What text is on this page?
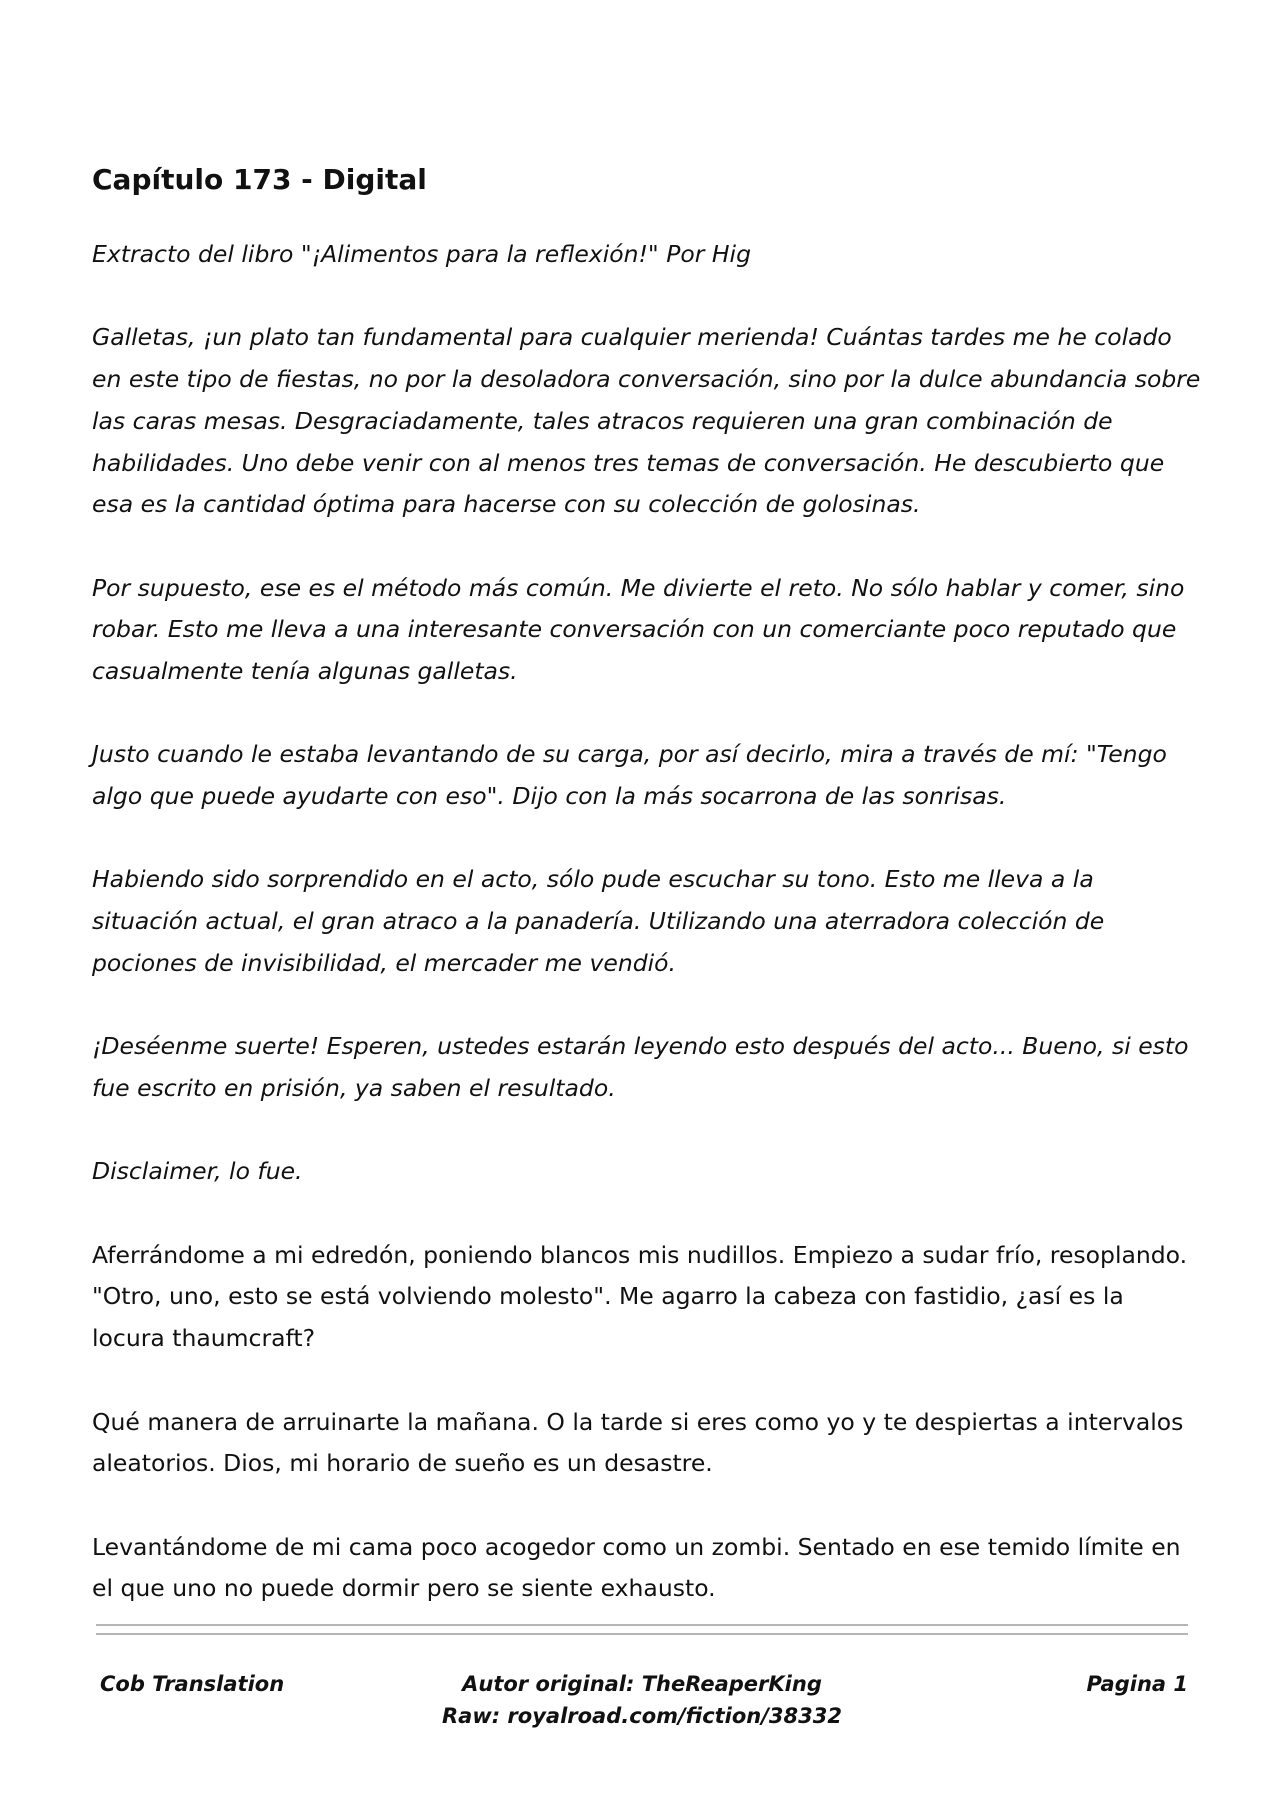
Capítulo 173 - Digital

Extracto del libro "¡Alimentos para la reflexión!" Por Hig

Galletas, ¡un plato tan fundamental para cualquier merienda! Cuántas tardes me he colado en este tipo de fiestas, no por la desoladora conversación, sino por la dulce abundancia sobre las caras mesas. Desgraciadamente, tales atracos requieren una gran combinación de habilidades. Uno debe venir con al menos tres temas de conversación. He descubierto que esa es la cantidad óptima para hacerse con su colección de golosinas.

Por supuesto, ese es el método más común. Me divierte el reto. No sólo hablar y comer, sino robar. Esto me lleva a una interesante conversación con un comerciante poco reputado que casualmente tenía algunas galletas.

Justo cuando le estaba levantando de su carga, por así decirlo, mira a través de mí: "Tengo algo que puede ayudarte con eso". Dijo con la más socarrona de las sonrisas.

Habiendo sido sorprendido en el acto, sólo pude escuchar su tono. Esto me lleva a la situación actual, el gran atraco a la panadería. Utilizando una aterradora colección de pociones de invisibilidad, el mercader me vendió.

¡Deséenme suerte! Esperen, ustedes estarán leyendo esto después del acto... Bueno, si esto fue escrito en prisión, ya saben el resultado.

Disclaimer, lo fue.

Aferrándome a mi edredón, poniendo blancos mis nudillos. Empiezo a sudar frío, resoplando. "Otro, uno, esto se está volviendo molesto". Me agarro la cabeza con fastidio, ¿así es la locura thaumcraft?

Qué manera de arruinarte la mañana. O la tarde si eres como yo y te despiertas a intervalos aleatorios. Dios, mi horario de sueño es un desastre.

Levantándome de mi cama poco acogedor como un zombi. Sentado en ese temido límite en el que uno no puede dormir pero se siente exhausto.

Cob Translation	Autor original: TheReaperKing
Raw: royalroad.com/fiction/38332
Pagina 1
